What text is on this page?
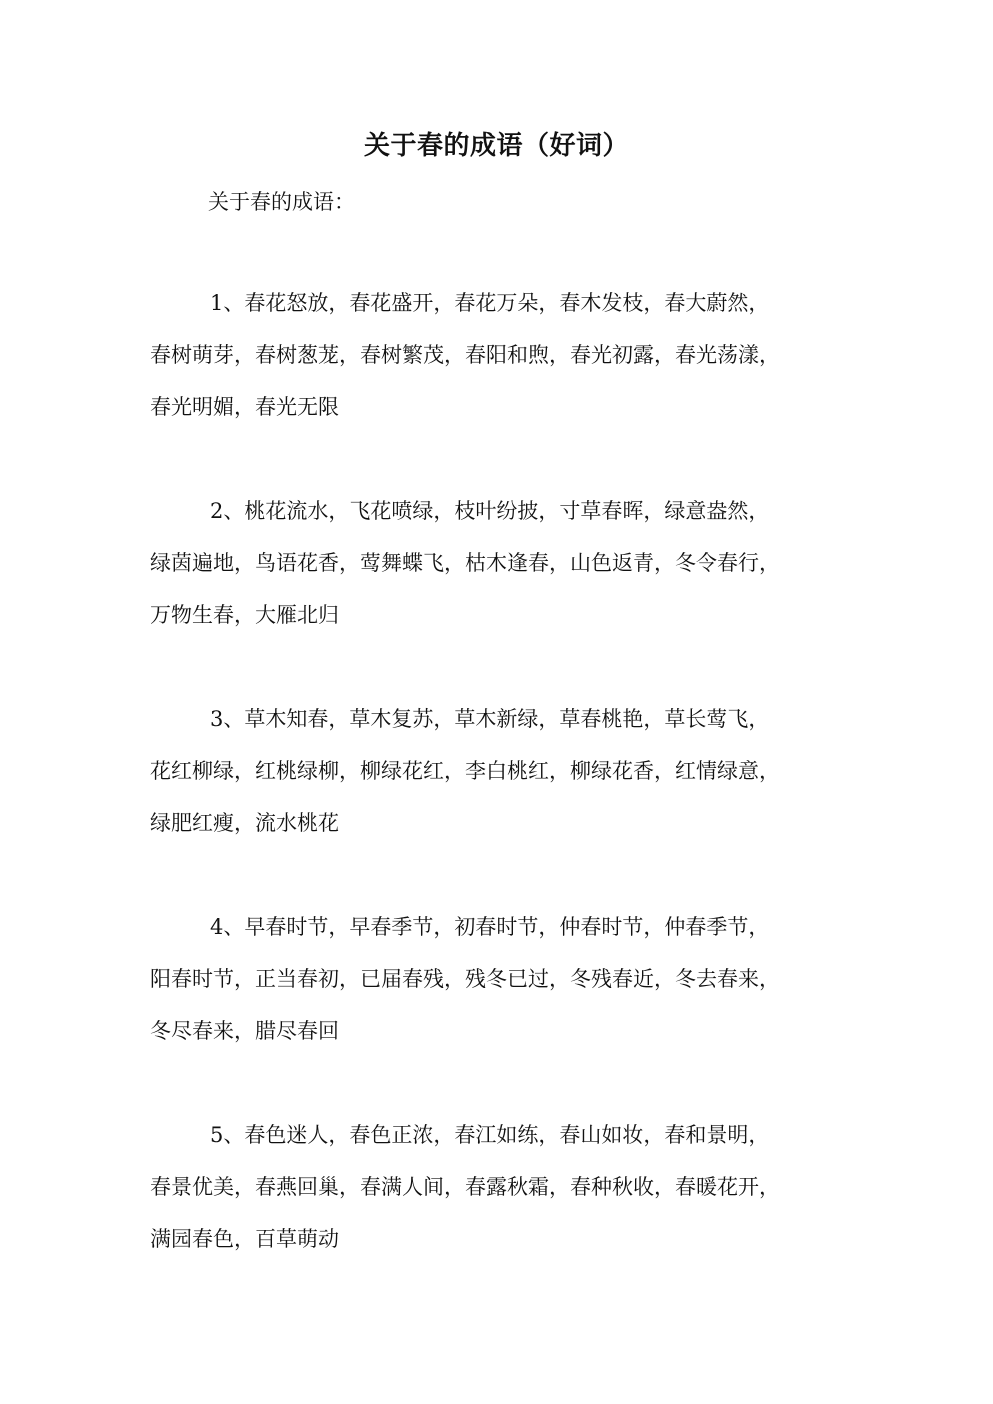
关于春的成语（好词）
关于春的成语：
1、春花怒放，春花盛开，春花万朵，春木发枝，春大蔚然，
春树萌芽，春树葱茏，春树繁茂，春阳和煦，春光初露，春光荡漾，
春光明媚，春光无限
2、桃花流水，飞花喷绿，枝叶纷披，寸草春晖，绿意盎然，
绿茵遍地，鸟语花香，莺舞蝶飞，枯木逢春，山色返青，冬令春行，
万物生春，大雁北归
3、草木知春，草木复苏，草木新绿，草春桃艳，草长莺飞，
花红柳绿，红桃绿柳，柳绿花红，李白桃红，柳绿花香，红情绿意，
绿肥红瘦，流水桃花
4、早春时节，早春季节，初春时节，仲春时节，仲春季节，
阳春时节，正当春初，已届春残，残冬已过，冬残春近，冬去春来，
冬尽春来，腊尽春回
5、春色迷人，春色正浓，春江如练，春山如妆，春和景明，
春景优美，春燕回巢，春满人间，春露秋霜，春种秋收，春暖花开，
满园春色，百草萌动
